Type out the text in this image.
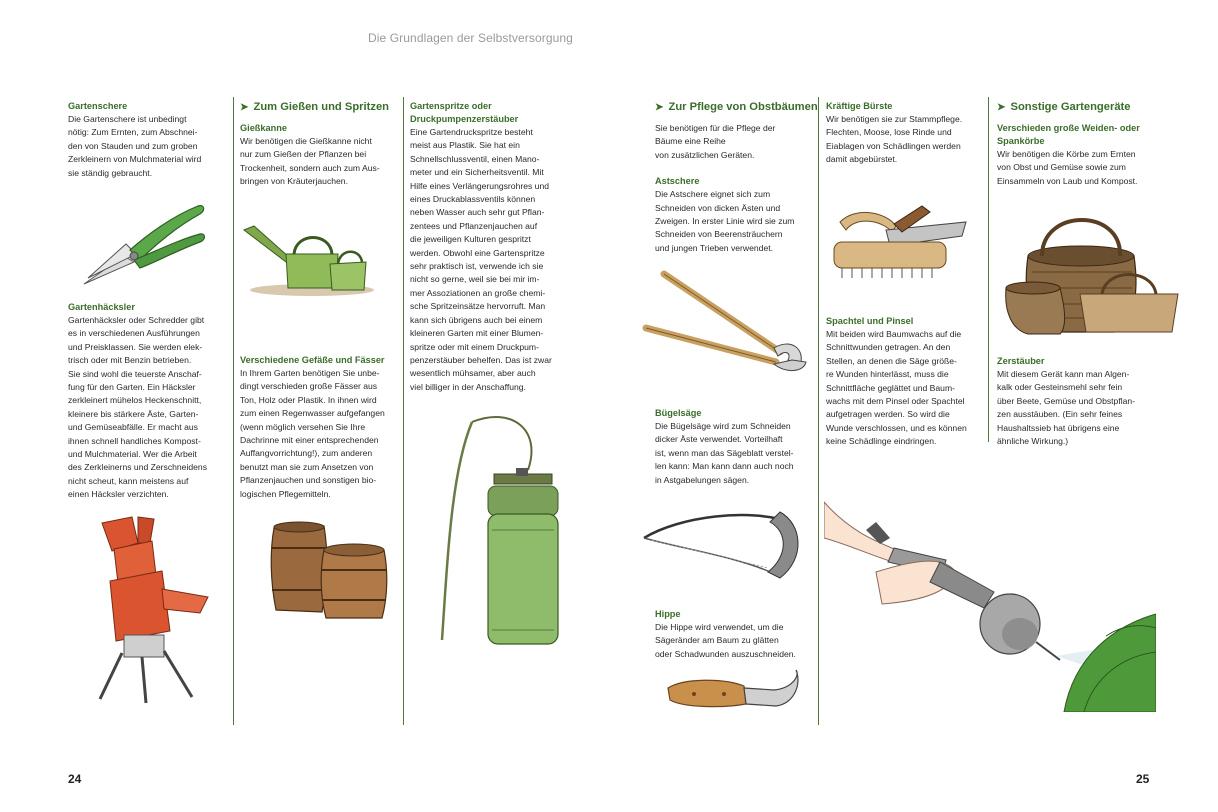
Die Grundlagen der Selbstversorgung
24	25

Gartenschere

Die Gartenschere ist unbedingt

nötig: Zum Ernten, zum Abschnei-

den von Stauden und zum groben

Zerkleinern von Mulchmaterial wird

sie ständig gebraucht.

Gartenhäcksler

Gartenhäcksler oder Schredder gibt

es in verschiedenen Ausführungen

und Preisklassen. Sie werden elek-

trisch oder mit Benzin betrieben.

Sie sind wohl die teuerste Anschaf-

fung für den Garten. Ein Häcksler

zerkleinert mühelos Heckenschnitt,

kleinere bis stärkere Äste, Garten-

und Gemüseabfälle. Er macht aus

ihnen schnell handliches Kompost-

und Mulchmaterial. Wer die Arbeit

des Zerkleinerns und Zerschneidens

nicht scheut, kann meistens auf

einen Häcksler verzichten.

➤ Zum Gießen und Spritzen

Gießkanne

Wir benötigen die Gießkanne nicht

nur zum Gießen der Pflanzen bei

Trockenheit, sondern auch zum Aus-

bringen von Kräuterjauchen.

Verschiedene Gefäße und Fässer

In Ihrem Garten benötigen Sie unbe-

dingt verschieden große Fässer aus

Ton, Holz oder Plastik. In ihnen wird

zum einen Regenwasser aufgefangen

(wenn möglich versehen Sie Ihre

Dachrinne mit einer entsprechenden

Auffangvorrichtung!), zum anderen

benutzt man sie zum Ansetzen von

Pflanzenjauchen und sonstigen bio-

logischen Pflegemitteln.

Gartenspritze oder
Druckpumpenzerstäuber

Eine Gartendruckspritze besteht

meist aus Plastik. Sie hat ein

Schnellschlussventil, einen Mano-

meter und ein Sicherheitsventil. Mit

Hilfe eines Verlängerungsrohres und

eines Druckablassventils können

neben Wasser auch sehr gut Pflan-

zentees und Pflanzenjauchen auf

die jeweiligen Kulturen gespritzt

werden. Obwohl eine Gartenspritze

sehr praktisch ist, verwende ich sie

nicht so gerne, weil sie bei mir im-

mer Assoziationen an große chemi-

sche Spritzeinsätze hervorruft. Man

kann sich übrigens auch bei einem

kleineren Garten mit einer Blumen-

spritze oder mit einem Druckpum-

penzerstäuber behelfen. Das ist zwar

wesentlich mühsamer, aber auch

viel billiger in der Anschaffung.

➤ Zur Pflege von Obstbäumen

Sie benötigen für die Pflege der

Bäume eine Reihe

von zusätzlichen Geräten.

Astschere

Die Astschere eignet sich zum

Schneiden von dicken Ästen und

Zweigen. In erster Linie wird sie zum

Schneiden von Beerensträuchern

und jungen Trieben verwendet.

Bügelsäge

Die Bügelsäge wird zum Schneiden

dicker Äste verwendet. Vorteilhaft

ist, wenn man das Sägeblatt verstel-

len kann: Man kann dann auch noch

in Astgabelungen sägen.

Hippe

Die Hippe wird verwendet, um die

Sägeränder am Baum zu glätten

oder Schadwunden auszuschneiden.

Kräftige Bürste

Wir benötigen sie zur Stammpflege.

Flechten, Moose, lose Rinde und

Eiablagen von Schädlingen werden

damit abgebürstet.

Spachtel und Pinsel

Mit beiden wird Baumwachs auf die

Schnittwunden getragen. An den

Stellen, an denen die Säge größe-

re Wunden hinterlässt, muss die

Schnittfläche geglättet und Baum-

wachs mit dem Pinsel oder Spachtel

aufgetragen werden. So wird die

Wunde verschlossen, und es können

keine Schädlinge eindringen.

➤ Sonstige Gartengeräte

Verschieden große Weiden- oder
Spankörbe

Wir benötigen die Körbe zum Ernten

von Obst und Gemüse sowie zum

Einsammeln von Laub und Kompost.

Zerstäuber

Mit diesem Gerät kann man Algen-

kalk oder Gesteinsmehl sehr fein

über Beete, Gemüse und Obstpflan-

zen ausstäuben. (Ein sehr feines

Haushaltssieb hat übrigens eine

ähnliche Wirkung.)
